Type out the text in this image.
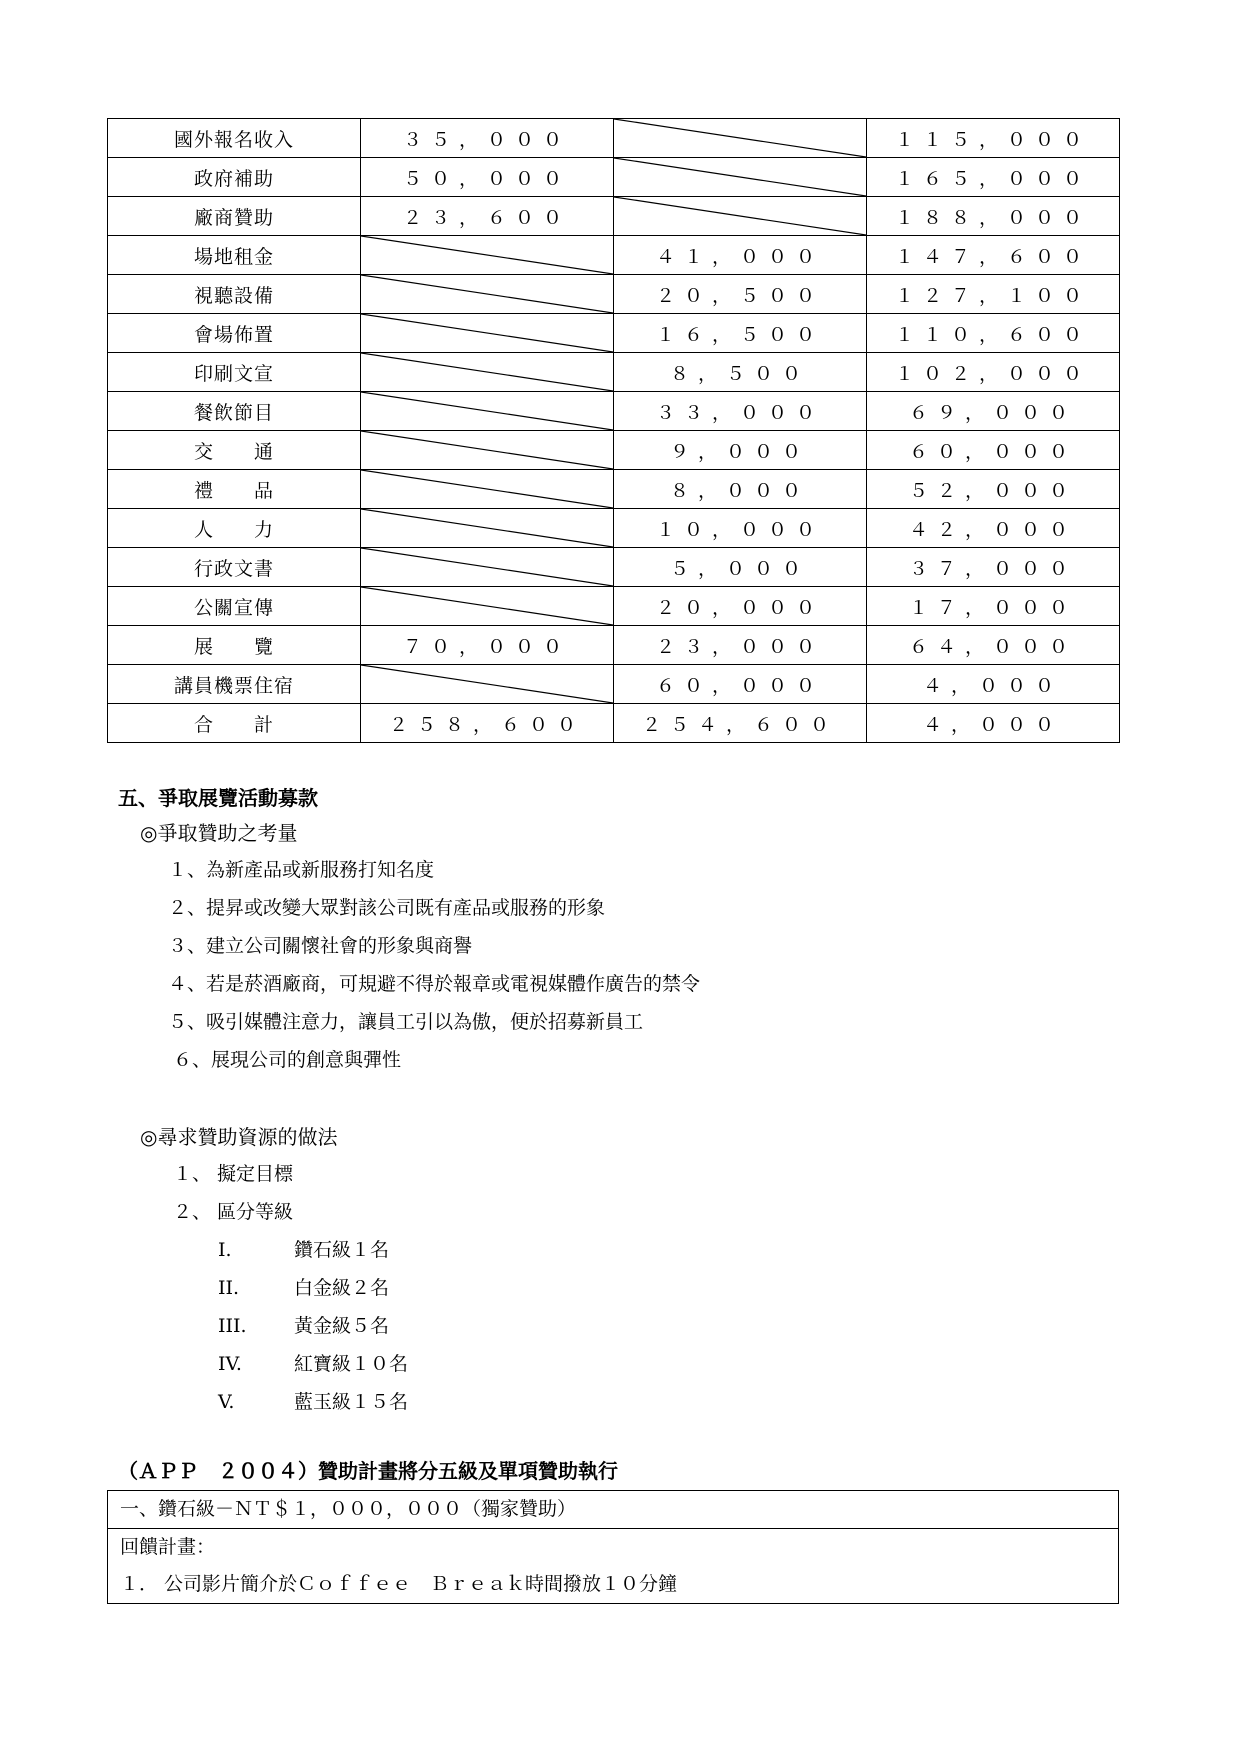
國外報名收入	３５，０００		１１５，０００
政府補助	５０，０００		１６５，０００
廠商贊助	２３，６００		１８８，０００
場地租金		４１，０００	１４７，６００
視聽設備		２０，５００	１２７，１００
會場佈置		１６，５００	１１０，６００
印刷文宣		８，５００	１０２，０００
餐飲節目		３３，０００	６９，０００
交　　通		９，０００	６０，０００
禮　　品		８，０００	５２，０００
人　　力		１０，０００	４２，０００
行政文書		５，０００	３７，０００
公關宣傳		２０，０００	１７，０００
展　　覽	７０，０００	２３，０００	６４，０００
講員機票住宿		６０，０００	４，０００
合　　計	２５８，６００	２５４，６００	４，０００
五、爭取展覽活動募款
◎爭取贊助之考量
１、為新產品或新服務打知名度
２、提昇或改變大眾對該公司既有產品或服務的形象
３、建立公司關懷社會的形象與商譽
４、若是菸酒廠商，可規避不得於報章或電視媒體作廣告的禁令
５、吸引媒體注意力，讓員工引以為傲，便於招募新員工
６、展現公司的創意與彈性
◎尋求贊助資源的做法
１、 擬定目標
２、 區分等級
I.	鑽石級１名
II.	白金級２名
III. 黃金級５名
IV.	紅寶級１０名
V.	藍玉級１５名
（ＡＰＰ　２００４）贊助計畫將分五級及單項贊助執行
一、鑽石級－ＮＴ＄１，０００，０００（獨家贊助）
回饋計畫：
１． 公司影片簡介於Ｃｏｆｆｅｅ　Ｂｒｅａｋ時間撥放１０分鐘
